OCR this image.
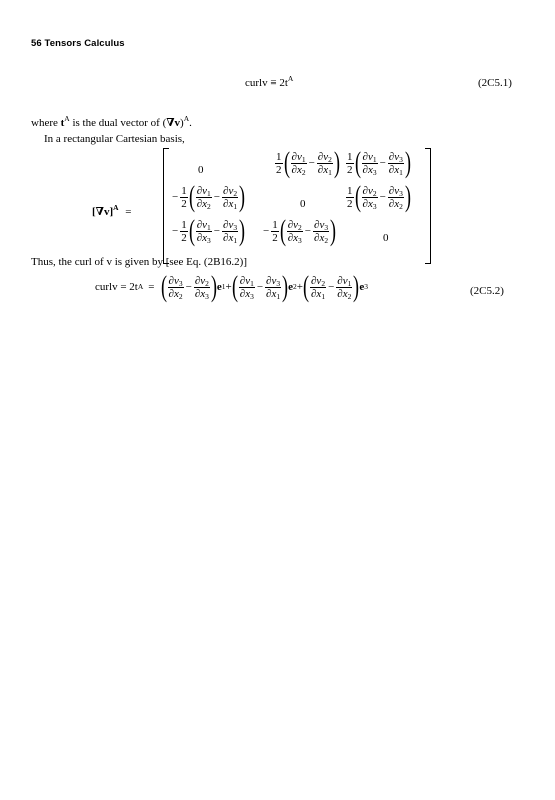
56 Tensors Calculus
curlv ≡ $2t^A$	(2C5.1)
where $t^A$ is the dual vector of $(\nabla v)^A$.
In a rectangular Cartesian basis,
$[\nabla v]^A$ =
0	$\frac{1}{2}$ ( $\frac{\partial v_1}{\partial x_2} - \frac{\partial v_2}{\partial x_1}$ ) $\frac{1}{2}$ ( $\frac{\partial v_1}{\partial x_3} - \frac{\partial v_3}{\partial x_1}$ )
− $\frac{1}{2}$ ( $\frac{\partial v_1}{\partial x_2} - \frac{\partial v_2}{\partial x_1}$ )	0	$\frac{1}{2}$ ( $\frac{\partial v_2}{\partial x_3} - \frac{\partial v_3}{\partial x_2}$ )
− $\frac{1}{2}$ ( $\frac{\partial v_1}{\partial x_3} - \frac{\partial v_3}{\partial x_1}$ ) − $\frac{1}{2}$ ( $\frac{\partial v_2}{\partial x_3} - \frac{\partial v_3}{\partial x_2}$ )	0
Thus, the curl of v is given by [see Eq. (2B16.2)]
curlv = 2t A = ( $\frac{\partial v_3}{\partial x_2} - \frac{\partial v_2}{\partial x_3}$ ) e 1 + ( $\frac{\partial v_1}{\partial x_3} - \frac{\partial v_3}{\partial x_1}$ ) e 2 + ( $\frac{\partial v_2}{\partial x_1} - \frac{\partial v_1}{\partial x_2}$ ) e 3	(2C5.2)
